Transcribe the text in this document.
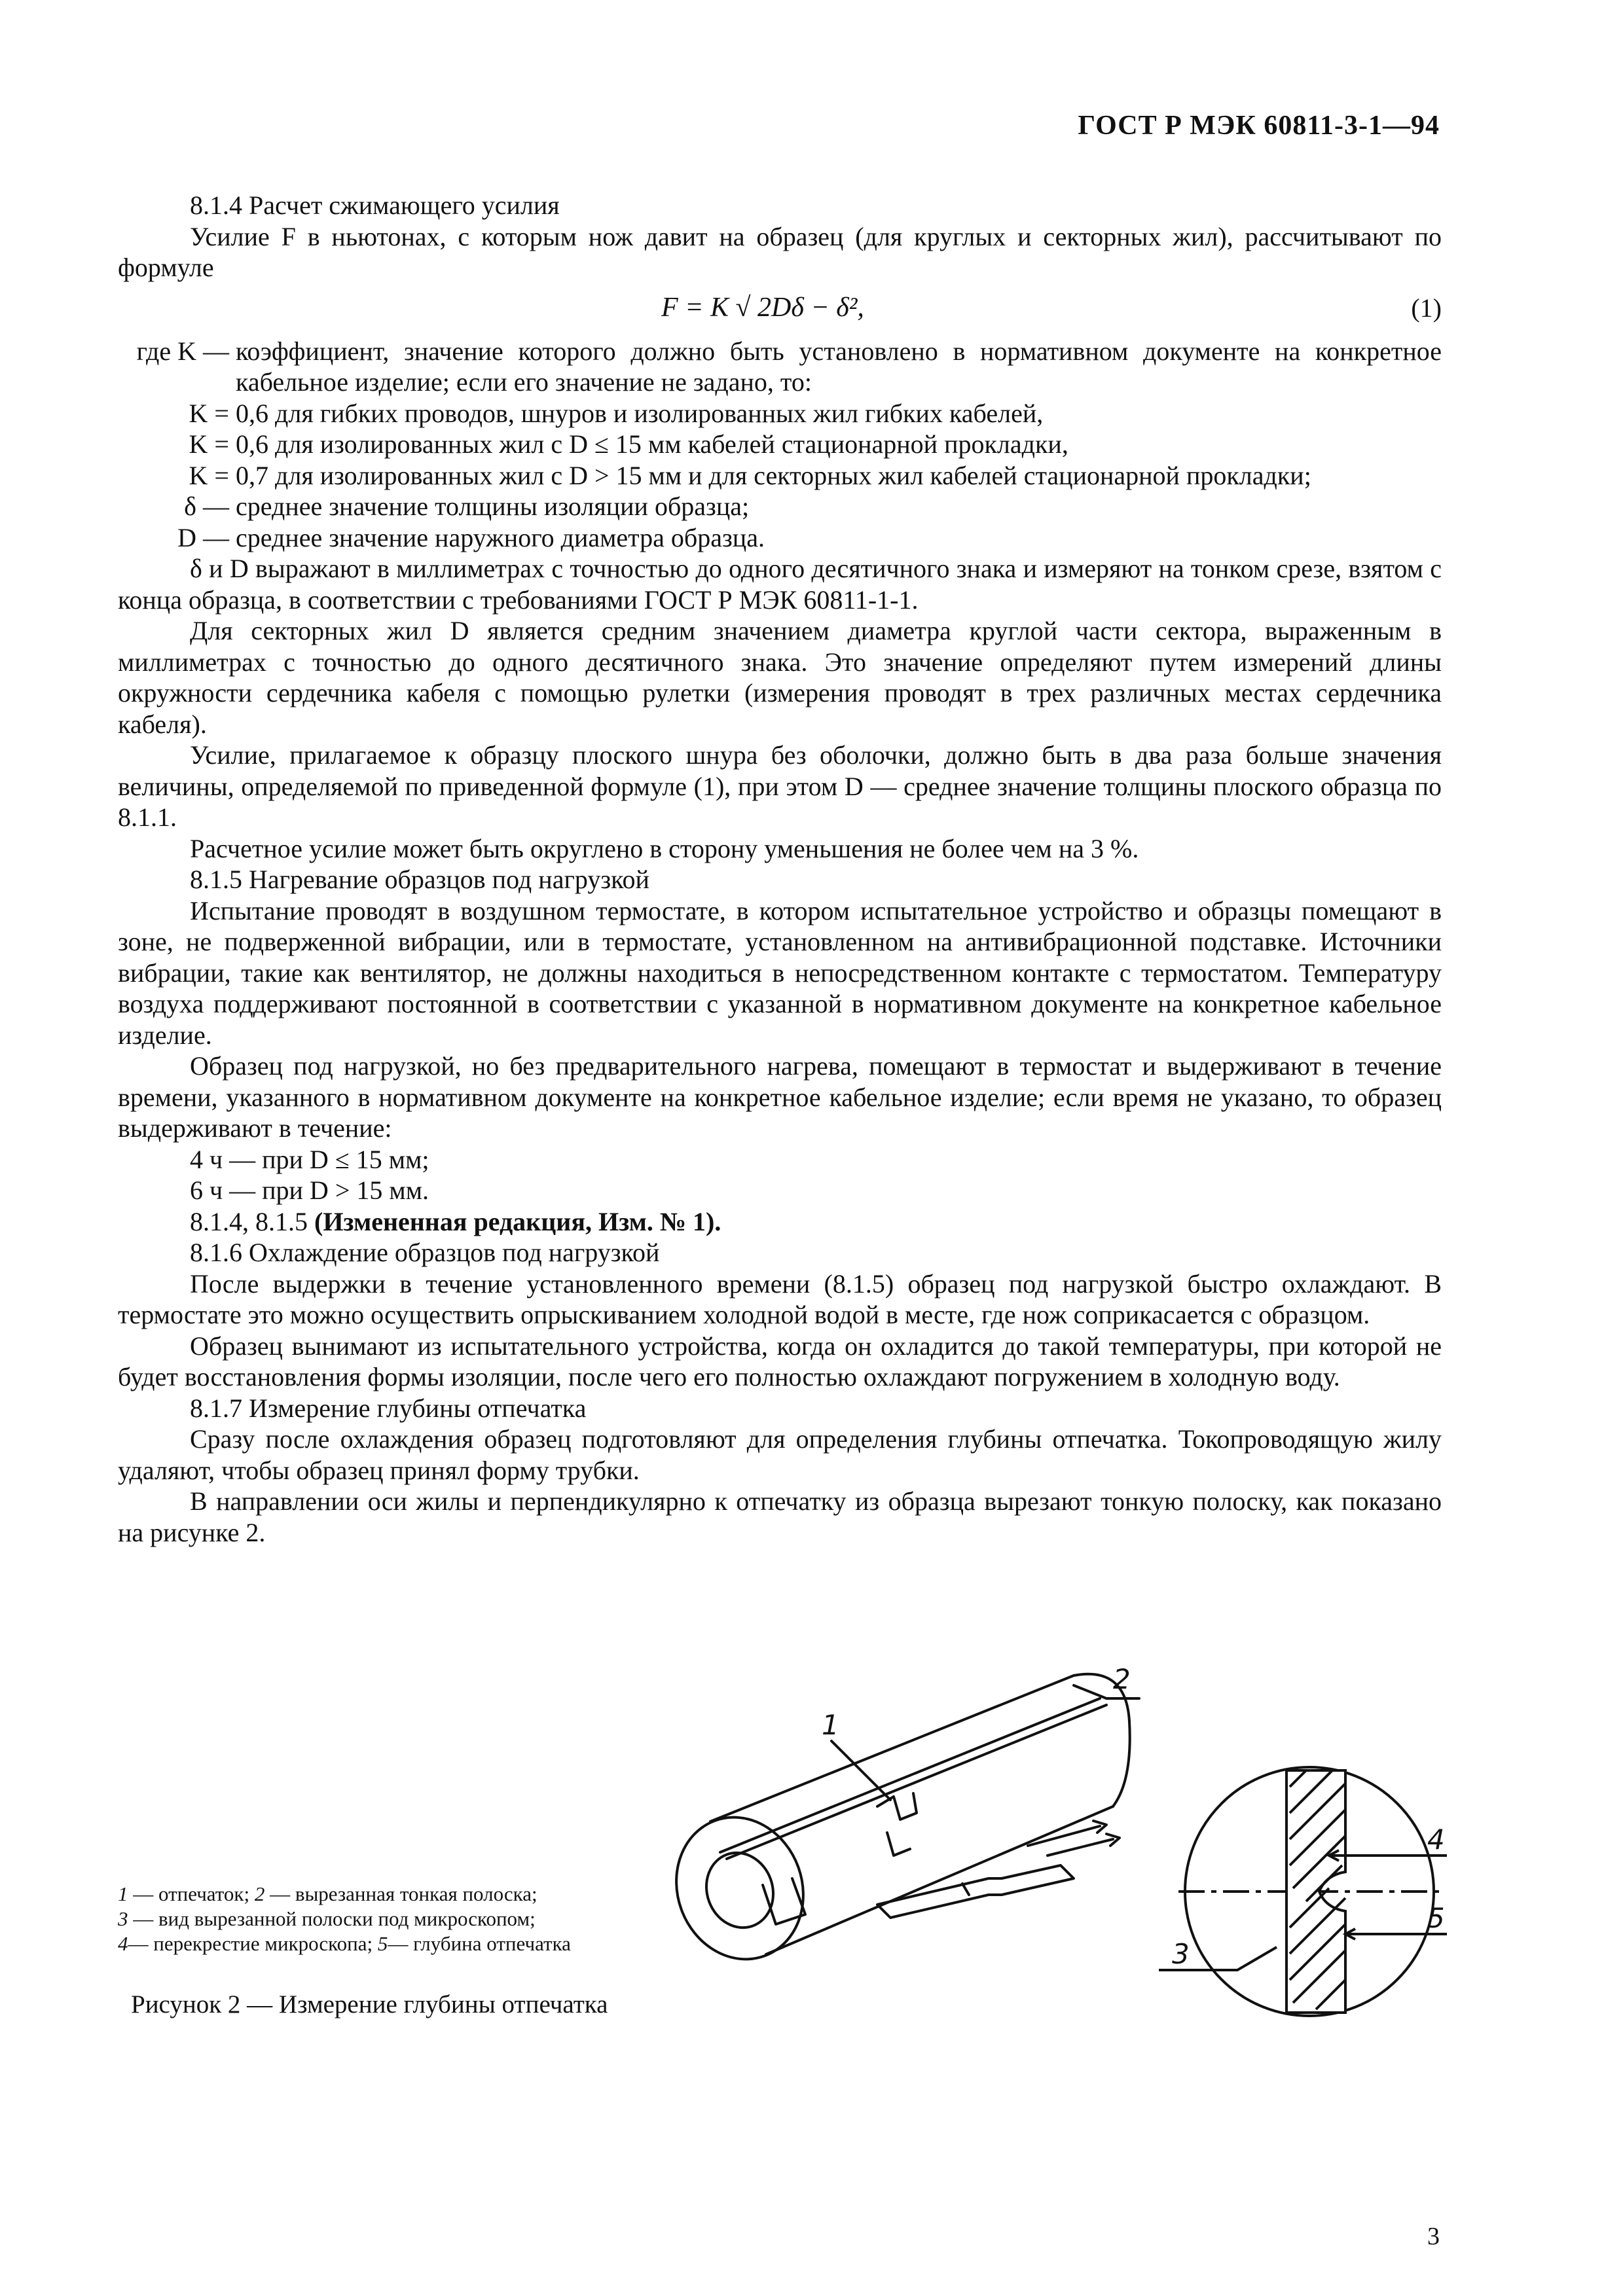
ГОСТ Р МЭК 60811-3-1—94

8.1.4 Расчет сжимающего усилия

Усилие F в ньютонах, с которым нож давит на образец (для круглых и секторных жил), рассчитывают по формуле

F = K √ 2Dδ − δ²,	(1)
где K — коэффициент, значение которого должно быть установлено в нормативном документе на конкретное кабельное изделие; если его значение не задано, то:
K = 0,6 для гибких проводов, шнуров и изолированных жил гибких кабелей,
K = 0,6 для изолированных жил с D ≤ 15 мм кабелей стационарной прокладки,
K = 0,7 для изолированных жил с D > 15 мм и для секторных жил кабелей стационарной прокладки;
δ — среднее значение толщины изоляции образца;
D — среднее значение наружного диаметра образца.

δ и D выражают в миллиметрах с точностью до одного десятичного знака и измеряют на тонком срезе, взятом с конца образца, в соответствии с требованиями ГОСТ Р МЭК 60811-1-1.

Для секторных жил D является средним значением диаметра круглой части сектора, выраженным в миллиметрах с точностью до одного десятичного знака. Это значение определяют путем измерений длины окружности сердечника кабеля с помощью рулетки (измерения проводят в трех различных местах сердечника кабеля).

Усилие, прилагаемое к образцу плоского шнура без оболочки, должно быть в два раза больше значения величины, определяемой по приведенной формуле (1), при этом D — среднее значение толщины плоского образца по 8.1.1.

Расчетное усилие может быть округлено в сторону уменьшения не более чем на 3 %.

8.1.5 Нагревание образцов под нагрузкой

Испытание проводят в воздушном термостате, в котором испытательное устройство и образцы помещают в зоне, не подверженной вибрации, или в термостате, установленном на антивибрационной подставке. Источники вибрации, такие как вентилятор, не должны находиться в непосредственном контакте с термостатом. Температуру воздуха поддерживают постоянной в соответствии с указанной в нормативном документе на конкретное кабельное изделие.

Образец под нагрузкой, но без предварительного нагрева, помещают в термостат и выдерживают в течение времени, указанного в нормативном документе на конкретное кабельное изделие; если время не указано, то образец выдерживают в течение:

4 ч — при D ≤ 15 мм;

6 ч — при D > 15 мм.

8.1.4, 8.1.5 (Измененная редакция, Изм. № 1).

8.1.6 Охлаждение образцов под нагрузкой

После выдержки в течение установленного времени (8.1.5) образец под нагрузкой быстро охлаждают. В термостате это можно осуществить опрыскиванием холодной водой в месте, где нож соприкасается с образцом.

Образец вынимают из испытательного устройства, когда он охладится до такой температуры, при которой не будет восстановления формы изоляции, после чего его полностью охлаждают погружением в холодную воду.

8.1.7 Измерение глубины отпечатка

Сразу после охлаждения образец подготовляют для определения глубины отпечатка. Токопроводящую жилу удаляют, чтобы образец принял форму трубки.

В направлении оси жилы и перпендикулярно к отпечатку из образца вырезают тонкую полоску, как показано на рисунке 2.

1
2
3
4
5
1 — отпечаток; 2 — вырезанная тонкая полоска;
3 — вид вырезанной полоски под микроскопом;
4— перекрестие микроскопа; 5— глубина отпечатка
Рисунок 2 — Измерение глубины отпечатка
3
